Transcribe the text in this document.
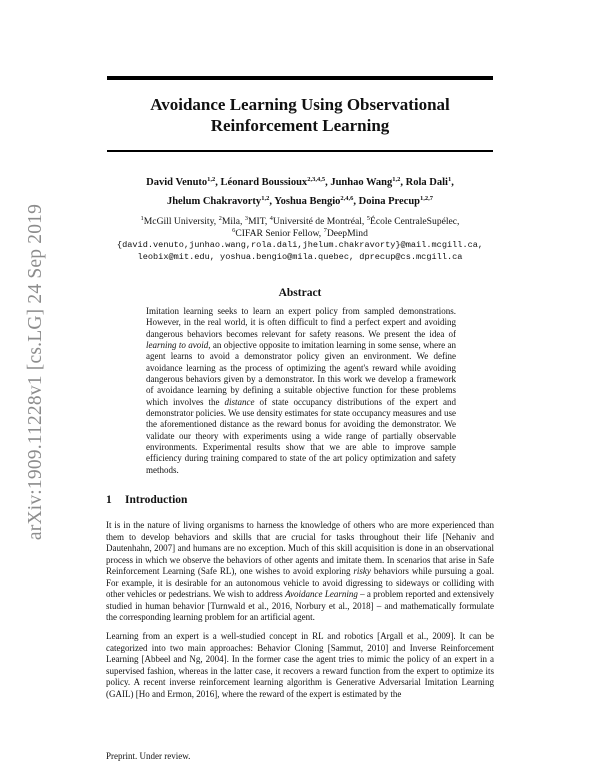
arXiv:1909.11228v1 [cs.LG] 24 Sep 2019
Avoidance Learning Using Observational
Reinforcement Learning
David Venuto$^{1,2}$, Léonard Boussioux$^{2,3,4,5}$, Junhao Wang$^{1,2}$, Rola Dali$^1$,
Jhelum Chakravorty$^{1,2}$, Yoshua Bengio$^{2,4,6}$, Doina Precup$^{1,2,7}$
$^1$McGill University, $^2$Mila, $^3$MIT, $^4$Université de Montréal, $^5$École CentraleSupélec,
$^6$CIFAR Senior Fellow, $^7$DeepMind
{david.venuto,junhao.wang,rola.dali,jhelum.chakravorty}@mail.mcgill.ca,
leobix@mit.edu, yoshua.bengio@mila.quebec, dprecup@cs.mcgill.ca
Abstract

Imitation learning seeks to learn an expert policy from sampled demonstrations. However, in the real world, it is often difficult to find a perfect expert and avoiding dangerous behaviors becomes relevant for safety reasons. We present the idea of learning to avoid, an objective opposite to imitation learning in some sense, where an agent learns to avoid a demonstrator policy given an environment. We define avoidance learning as the process of optimizing the agent's reward while avoiding dangerous behaviors given by a demonstrator. In this work we develop a framework of avoidance learning by defining a suitable objective function for these problems which involves the distance of state occupancy distributions of the expert and demonstrator policies. We use density estimates for state occupancy measures and use the aforementioned distance as the reward bonus for avoiding the demonstrator. We validate our theory with experiments using a wide range of partially observable environments. Experimental results show that we are able to improve sample efficiency during training compared to state of the art policy optimization and safety methods.

1 Introduction
It is in the nature of living organisms to harness the knowledge of others who are more experienced than them to develop behaviors and skills that are crucial for tasks throughout their life [Nehaniv and Dautenhahn, 2007] and humans are no exception. Much of this skill acquisition is done in an observational process in which we observe the behaviors of other agents and imitate them. In scenarios that arise in Safe Reinforcement Learning (Safe RL), one wishes to avoid exploring risky behaviors while pursuing a goal. For example, it is desirable for an autonomous vehicle to avoid digressing to sideways or colliding with other vehicles or pedestrians. We wish to address Avoidance Learning – a problem reported and extensively studied in human behavior [Turnwald et al., 2016, Norbury et al., 2018] – and mathematically formulate the corresponding learning problem for an artificial agent.
Learning from an expert is a well-studied concept in RL and robotics [Argall et al., 2009]. It can be categorized into two main approaches: Behavior Cloning [Sammut, 2010] and Inverse Reinforcement Learning [Abbeel and Ng, 2004]. In the former case the agent tries to mimic the policy of an expert in a supervised fashion, whereas in the latter case, it recovers a reward function from the expert to optimize its policy. A recent inverse reinforcement learning algorithm is Generative Adversarial Imitation Learning (GAIL) [Ho and Ermon, 2016], where the reward of the expert is estimated by the
Preprint. Under review.
